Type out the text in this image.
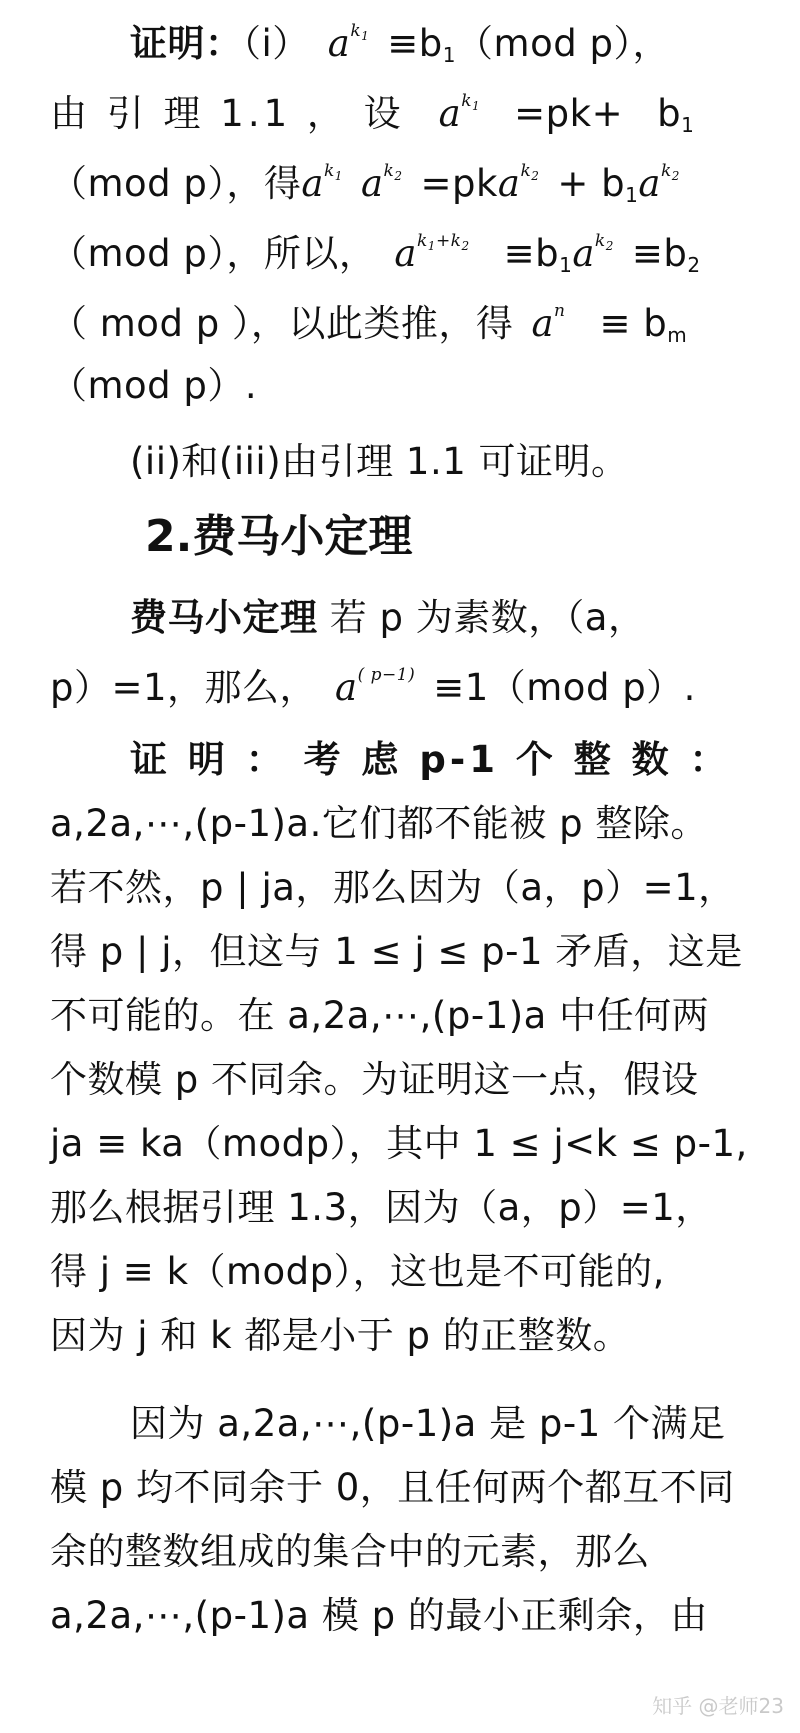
证明：（i） $a^{k_1} \equiv b_1(mod$ p），
由 引 理 1.1 ， 设 $a^{k_1} =pk+ b_1$
（mod p），得$a^{k_1}$ $a^{k_2} =pka^{k_2} + b_1a^{k_2}$
（mod p），所以， $a^{k_1+k_2} \equiv b_1a^{k_2} \equiv b_2$
（ mod p ），以此类推，得 $a^n \equiv b_m$
（mod p）.
(ii)和(iii)由引理 1.1 可证明。
2.费马小定理
费马小定理 若 p 为素数，（a，
p）=1，那么， $a^{( p-1)} \equiv 1(mod$ p）.
证 明 ： 考 虑 p-1 个 整 数 ：
a,2a,⋯,(p-1)a.它们都不能被 p 整除。
若不然，p | ja，那么因为（a，p）=1，
得 p | j，但这与 1 ≤ j ≤ p-1 矛盾，这是
不可能的。在 a,2a,⋯,(p-1)a 中任何两
个数模 p 不同余。为证明这一点，假设
ja ≡ ka（modp），其中 1 ≤ j<k ≤ p-1,
那么根据引理 1.3，因为（a，p）=1，
得 j ≡ k（modp），这也是不可能的,
因为 j 和 k 都是小于 p 的正整数。
因为 a,2a,⋯,(p-1)a 是 p-1 个满足
模 p 均不同余于 0，且任何两个都互不同
余的整数组成的集合中的元素，那么
a,2a,⋯,(p-1)a 模 p 的最小正剩余，由
知乎 @老师23
